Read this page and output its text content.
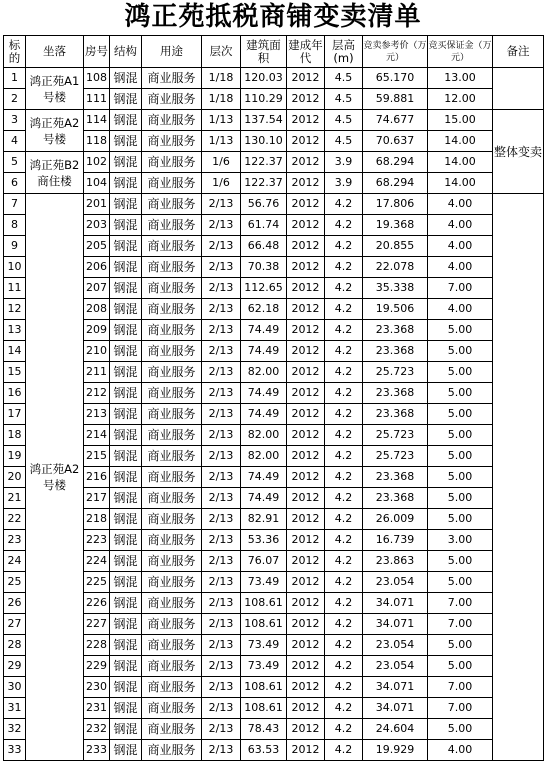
鸿正苑抵税商铺变卖清单
标的	坐落	房号	结构	用途	层次	建筑面积	建成年代	层高(m)	竞卖参考价（万元）	竞买保证金（万元）	备注
1	鸿正苑A1号楼	108	钢混	商业服务	1/18	120.03	2012	4.5	65.170	13.00	
2		111	钢混	商业服务	1/18	110.29	2012	4.5	59.881	12.00	
3	鸿正苑A2号楼	114	钢混	商业服务	1/13	137.54	2012	4.5	74.677	15.00	整体变卖
4		118	钢混	商业服务	1/13	130.10	2012	4.5	70.637	14.00	
5	鸿正苑B2商住楼	102	钢混	商业服务	1/6	122.37	2012	3.9	68.294	14.00	
6		104	钢混	商业服务	1/6	122.37	2012	3.9	68.294	14.00	
7	鸿正苑A2号楼	201	钢混	商业服务	2/13	56.76	2012	4.2	17.806	4.00	
8		203	钢混	商业服务	2/13	61.74	2012	4.2	19.368	4.00	
9		205	钢混	商业服务	2/13	66.48	2012	4.2	20.855	4.00	
10		206	钢混	商业服务	2/13	70.38	2012	4.2	22.078	4.00	
11		207	钢混	商业服务	2/13	112.65	2012	4.2	35.338	7.00	
12		208	钢混	商业服务	2/13	62.18	2012	4.2	19.506	4.00	
13		209	钢混	商业服务	2/13	74.49	2012	4.2	23.368	5.00	
14		210	钢混	商业服务	2/13	74.49	2012	4.2	23.368	5.00	
15		211	钢混	商业服务	2/13	82.00	2012	4.2	25.723	5.00	
16		212	钢混	商业服务	2/13	74.49	2012	4.2	23.368	5.00	
17		213	钢混	商业服务	2/13	74.49	2012	4.2	23.368	5.00	
18		214	钢混	商业服务	2/13	82.00	2012	4.2	25.723	5.00	
19		215	钢混	商业服务	2/13	82.00	2012	4.2	25.723	5.00	
20		216	钢混	商业服务	2/13	74.49	2012	4.2	23.368	5.00	
21		217	钢混	商业服务	2/13	74.49	2012	4.2	23.368	5.00	
22		218	钢混	商业服务	2/13	82.91	2012	4.2	26.009	5.00	
23		223	钢混	商业服务	2/13	53.36	2012	4.2	16.739	3.00	
24		224	钢混	商业服务	2/13	76.07	2012	4.2	23.863	5.00	
25		225	钢混	商业服务	2/13	73.49	2012	4.2	23.054	5.00	
26		226	钢混	商业服务	2/13	108.61	2012	4.2	34.071	7.00	
27		227	钢混	商业服务	2/13	108.61	2012	4.2	34.071	7.00	
28		228	钢混	商业服务	2/13	73.49	2012	4.2	23.054	5.00	
29		229	钢混	商业服务	2/13	73.49	2012	4.2	23.054	5.00	
30		230	钢混	商业服务	2/13	108.61	2012	4.2	34.071	7.00	
31		231	钢混	商业服务	2/13	108.61	2012	4.2	34.071	7.00	
32		232	钢混	商业服务	2/13	78.43	2012	4.2	24.604	5.00	
33		233	钢混	商业服务	2/13	63.53	2012	4.2	19.929	4.00	
